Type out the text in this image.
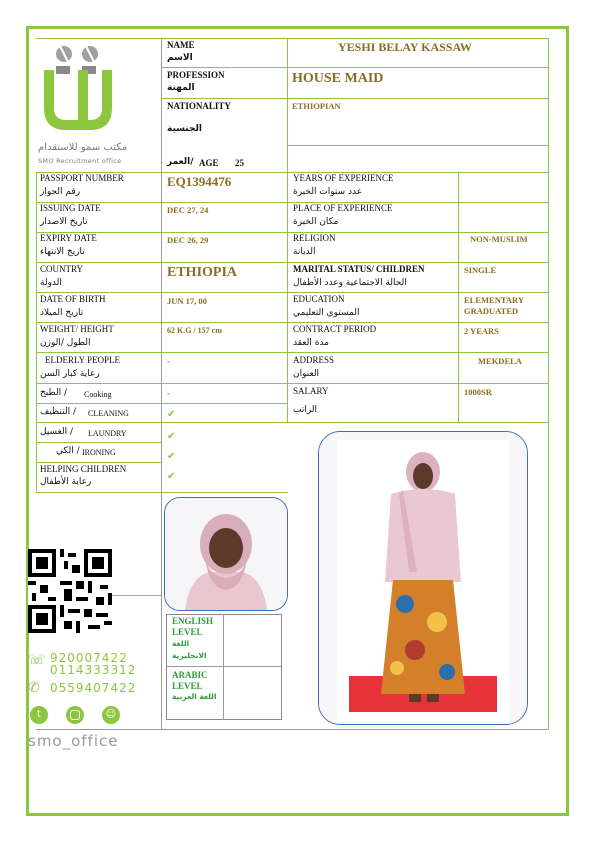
مكتب سمو للاستقدام
SMO Recruitment office
NAME
الاسم
YESHI BELAY KASSAW
PROFESSION
المهنة
HOUSE MAID
NATIONALITY
الجنسية
ETHIOPIAN
العمر/ AGE 25
PASSPORT NUMBER
رقم الجواز
ISSUING DATE
تاريخ الاصدار
EXPIRY DATE
تاريخ الانتهاء
COUNTRY
الدولة
DATE OF BIRTH
تاريخ الميلاد
WEIGHT/ HEIGHT
الطول /الوزن
ELDERLY PEOPLE
رعاية كبار السن
الطبخ / Cooking
التنظيف / CLEANING
الغسيل / LAUNDRY
الكي / IRONING
HELPING CHILDREN
رعاية الأطفال
EQ1394476
DEC 27, 24
DEC 26, 29
ETHIOPIA
JUN 17, 00
62 K.G / 157 cm
-
-
✔
✔
✔
✔
YEARS OF EXPERIENCE
عدد سنوات الخبرة
PLACE OF EXPERIENCE
مكان الخبرة
RELIGION
الديانة
MARITAL STATUS/ CHILDREN
الحالة الاجتماعية وعدد الأطفال
EDUCATION
المستوي التعليمي
CONTRACT PERIOD
مدة العقد
ADDRESS
العنوان
SALARY
الراتب
NON-MUSLIM
SINGLE
ELEMENTARY GRADUATED
2 YEARS
MEKDELA
1000SR
ENGLISH LEVEL
اللغة الانجليزية
ARABIC LEVEL
اللغة العربية
☏ 920007422
0114333312
✆ 0559407422
t	☺
smo_office
